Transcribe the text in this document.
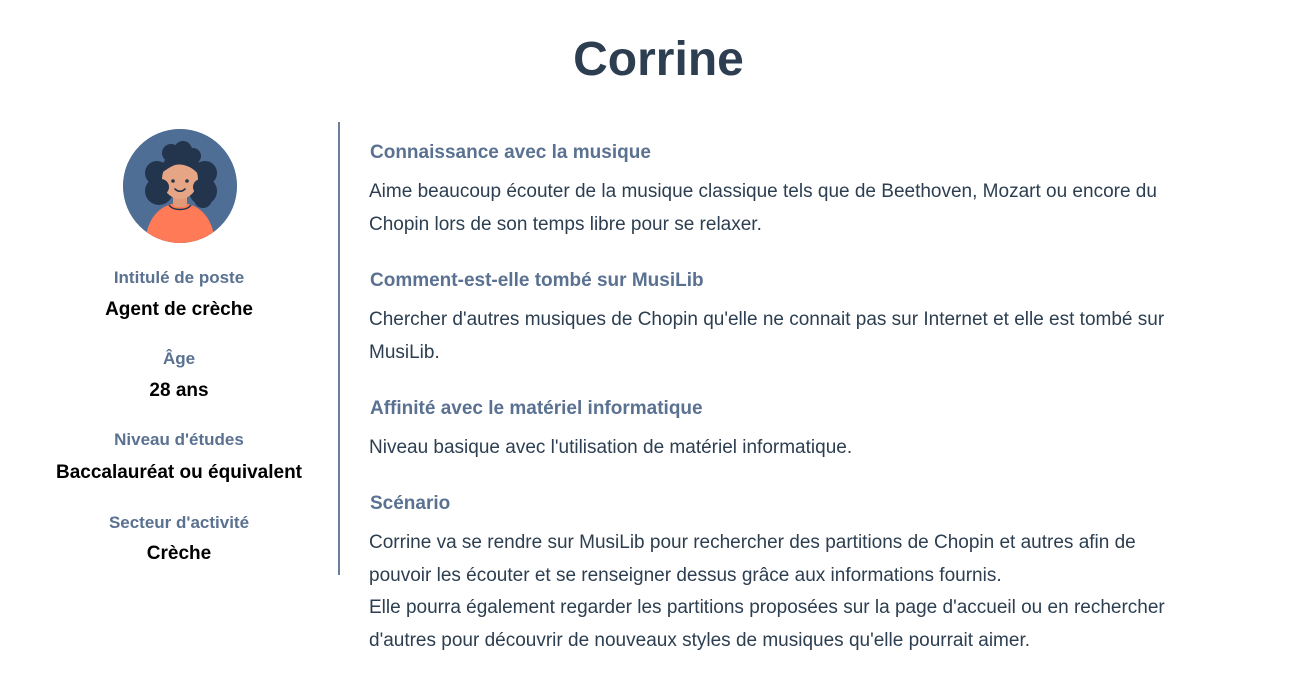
Corrine
Intitulé de poste
Agent de crèche
Âge
28 ans
Niveau d'études
Baccalauréat ou équivalent
Secteur d'activité
Crèche
Connaissance avec la musique
Aime beaucoup écouter de la musique classique tels que de Beethoven, Mozart ou encore du Chopin lors de son temps libre pour se relaxer.
Comment-est-elle tombé sur MusiLib
Chercher d'autres musiques de Chopin qu'elle ne connait pas sur Internet et elle est tombé sur MusiLib.
Affinité avec le matériel informatique
Niveau basique avec l'utilisation de matériel informatique.
Scénario
Corrine va se rendre sur MusiLib pour rechercher des partitions de Chopin et autres afin de pouvoir les écouter et se renseigner dessus grâce aux informations fournis.
Elle pourra également regarder les partitions proposées sur la page d'accueil ou en rechercher d'autres pour découvrir de nouveaux styles de musiques qu'elle pourrait aimer.
